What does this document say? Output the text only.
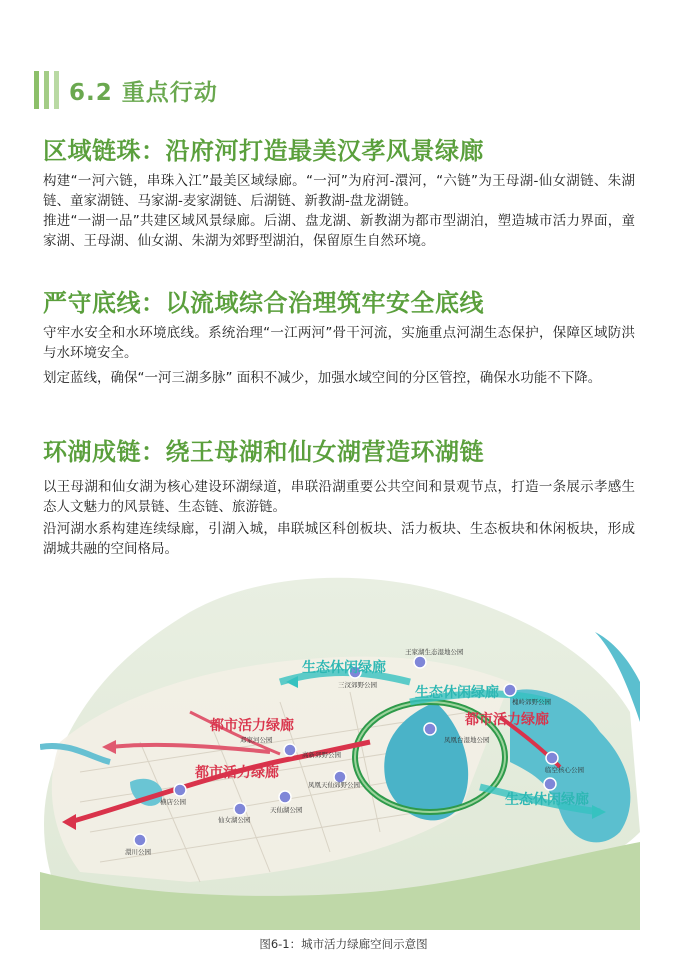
6.2 重点行动
区域链珠：沿府河打造最美汉孝风景绿廊

构建“一河六链，串珠入江”最美区域绿廊。“一河”为府河-澴河，“六链”为王母湖-仙女湖链、朱湖链、童家湖链、马家湖-麦家湖链、后湖链、新教湖-盘龙湖链。

推进“一湖一品”共建区域风景绿廊。后湖、盘龙湖、新教湖为都市型湖泊，塑造城市活力界面，童家湖、王母湖、仙女湖、朱湖为郊野型湖泊，保留原生自然环境。

严守底线：以流域综合治理筑牢安全底线

守牢水安全和水环境底线。系统治理“一江两河”骨干河流，实施重点河湖生态保护，保障区域防洪与水环境安全。

划定蓝线，确保“一河三湖多脉” 面积不减少，加强水域空间的分区管控，确保水功能不下降。

环湖成链：绕王母湖和仙女湖营造环湖链

以王母湖和仙女湖为核心建设环湖绿道，串联沿湖重要公共空间和景观节点，打造一条展示孝感生态人文魅力的风景链、生态链、旅游链。

沿河湖水系构建连续绿廊，引湖入城，串联城区科创板块、活力板块、生态板块和休闲板块，形成湖城共融的空间格局。

生态休闲绿廊
生态休闲绿廊
生态休闲绿廊
都市活力绿廊
都市活力绿廊
都市活力绿廊
王家湖生态湿地公园
三汊郊野公园
槐岭郊野公园
凤凰台湿地公园
临空核心公园
邓家河公园
高新郊野公园
凤凰天仙郊野公园
横店公园
天仙湖公园
仙女湖公园
澴川公园
图6-1：城市活力绿廊空间示意图
